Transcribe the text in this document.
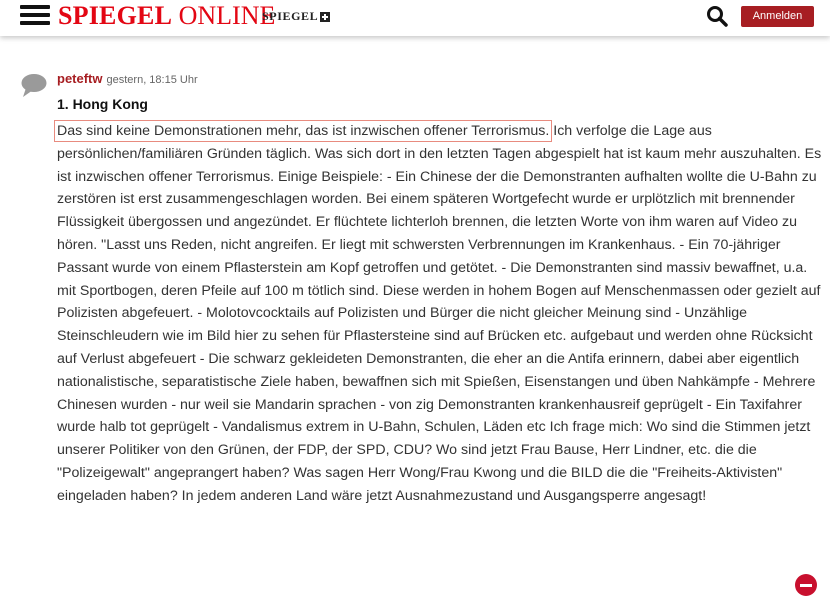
SPIEGEL ONLINE
SPIEGEL	Anmelden
peteftw gestern, 18:15 Uhr
1. Hong Kong
Das sind keine Demonstrationen mehr, das ist inzwischen offener Terrorismus. Ich verfolge die Lage aus persönlichen/familiären Gründen täglich. Was sich dort in den letzten Tagen abgespielt hat ist kaum mehr auszuhalten. Es ist inzwischen offener Terrorismus. Einige Beispiele: - Ein Chinese der die Demonstranten aufhalten wollte die U-Bahn zu zerstören ist erst zusammengeschlagen worden. Bei einem späteren Wortgefecht wurde er urplötzlich mit brennender Flüssigkeit übergossen und angezündet. Er flüchtete lichterloh brennen, die letzten Worte von ihm waren auf Video zu hören. "Lasst uns Reden, nicht angreifen. Er liegt mit schwersten Verbrennungen im Krankenhaus. - Ein 70-jähriger Passant wurde von einem Pflasterstein am Kopf getroffen und getötet. - Die Demonstranten sind massiv bewaffnet, u.a. mit Sportbogen, deren Pfeile auf 100 m tötlich sind. Diese werden in hohem Bogen auf Menschenmassen oder gezielt auf Polizisten abgefeuert. - Molotovcocktails auf Polizisten und Bürger die nicht gleicher Meinung sind - Unzählige Steinschleudern wie im Bild hier zu sehen für Pflastersteine sind auf Brücken etc. aufgebaut und werden ohne Rücksicht auf Verlust abgefeuert - Die schwarz gekleideten Demonstranten, die eher an die Antifa erinnern, dabei aber eigentlich nationalistische, separatistische Ziele haben, bewaffnen sich mit Spießen, Eisenstangen und üben Nahkämpfe - Mehrere Chinesen wurden - nur weil sie Mandarin sprachen - von zig Demonstranten krankenhausreif geprügelt - Ein Taxifahrer wurde halb tot geprügelt - Vandalismus extrem in U-Bahn, Schulen, Läden etc Ich frage mich: Wo sind die Stimmen jetzt unserer Politiker von den Grünen, der FDP, der SPD, CDU? Wo sind jetzt Frau Bause, Herr Lindner, etc. die die "Polizeigewalt" angeprangert haben? Was sagen Herr Wong/Frau Kwong und die BILD die die "Freiheits-Aktivisten" eingeladen haben? In jedem anderen Land wäre jetzt Ausnahmezustand und Ausgangsperre angesagt!
